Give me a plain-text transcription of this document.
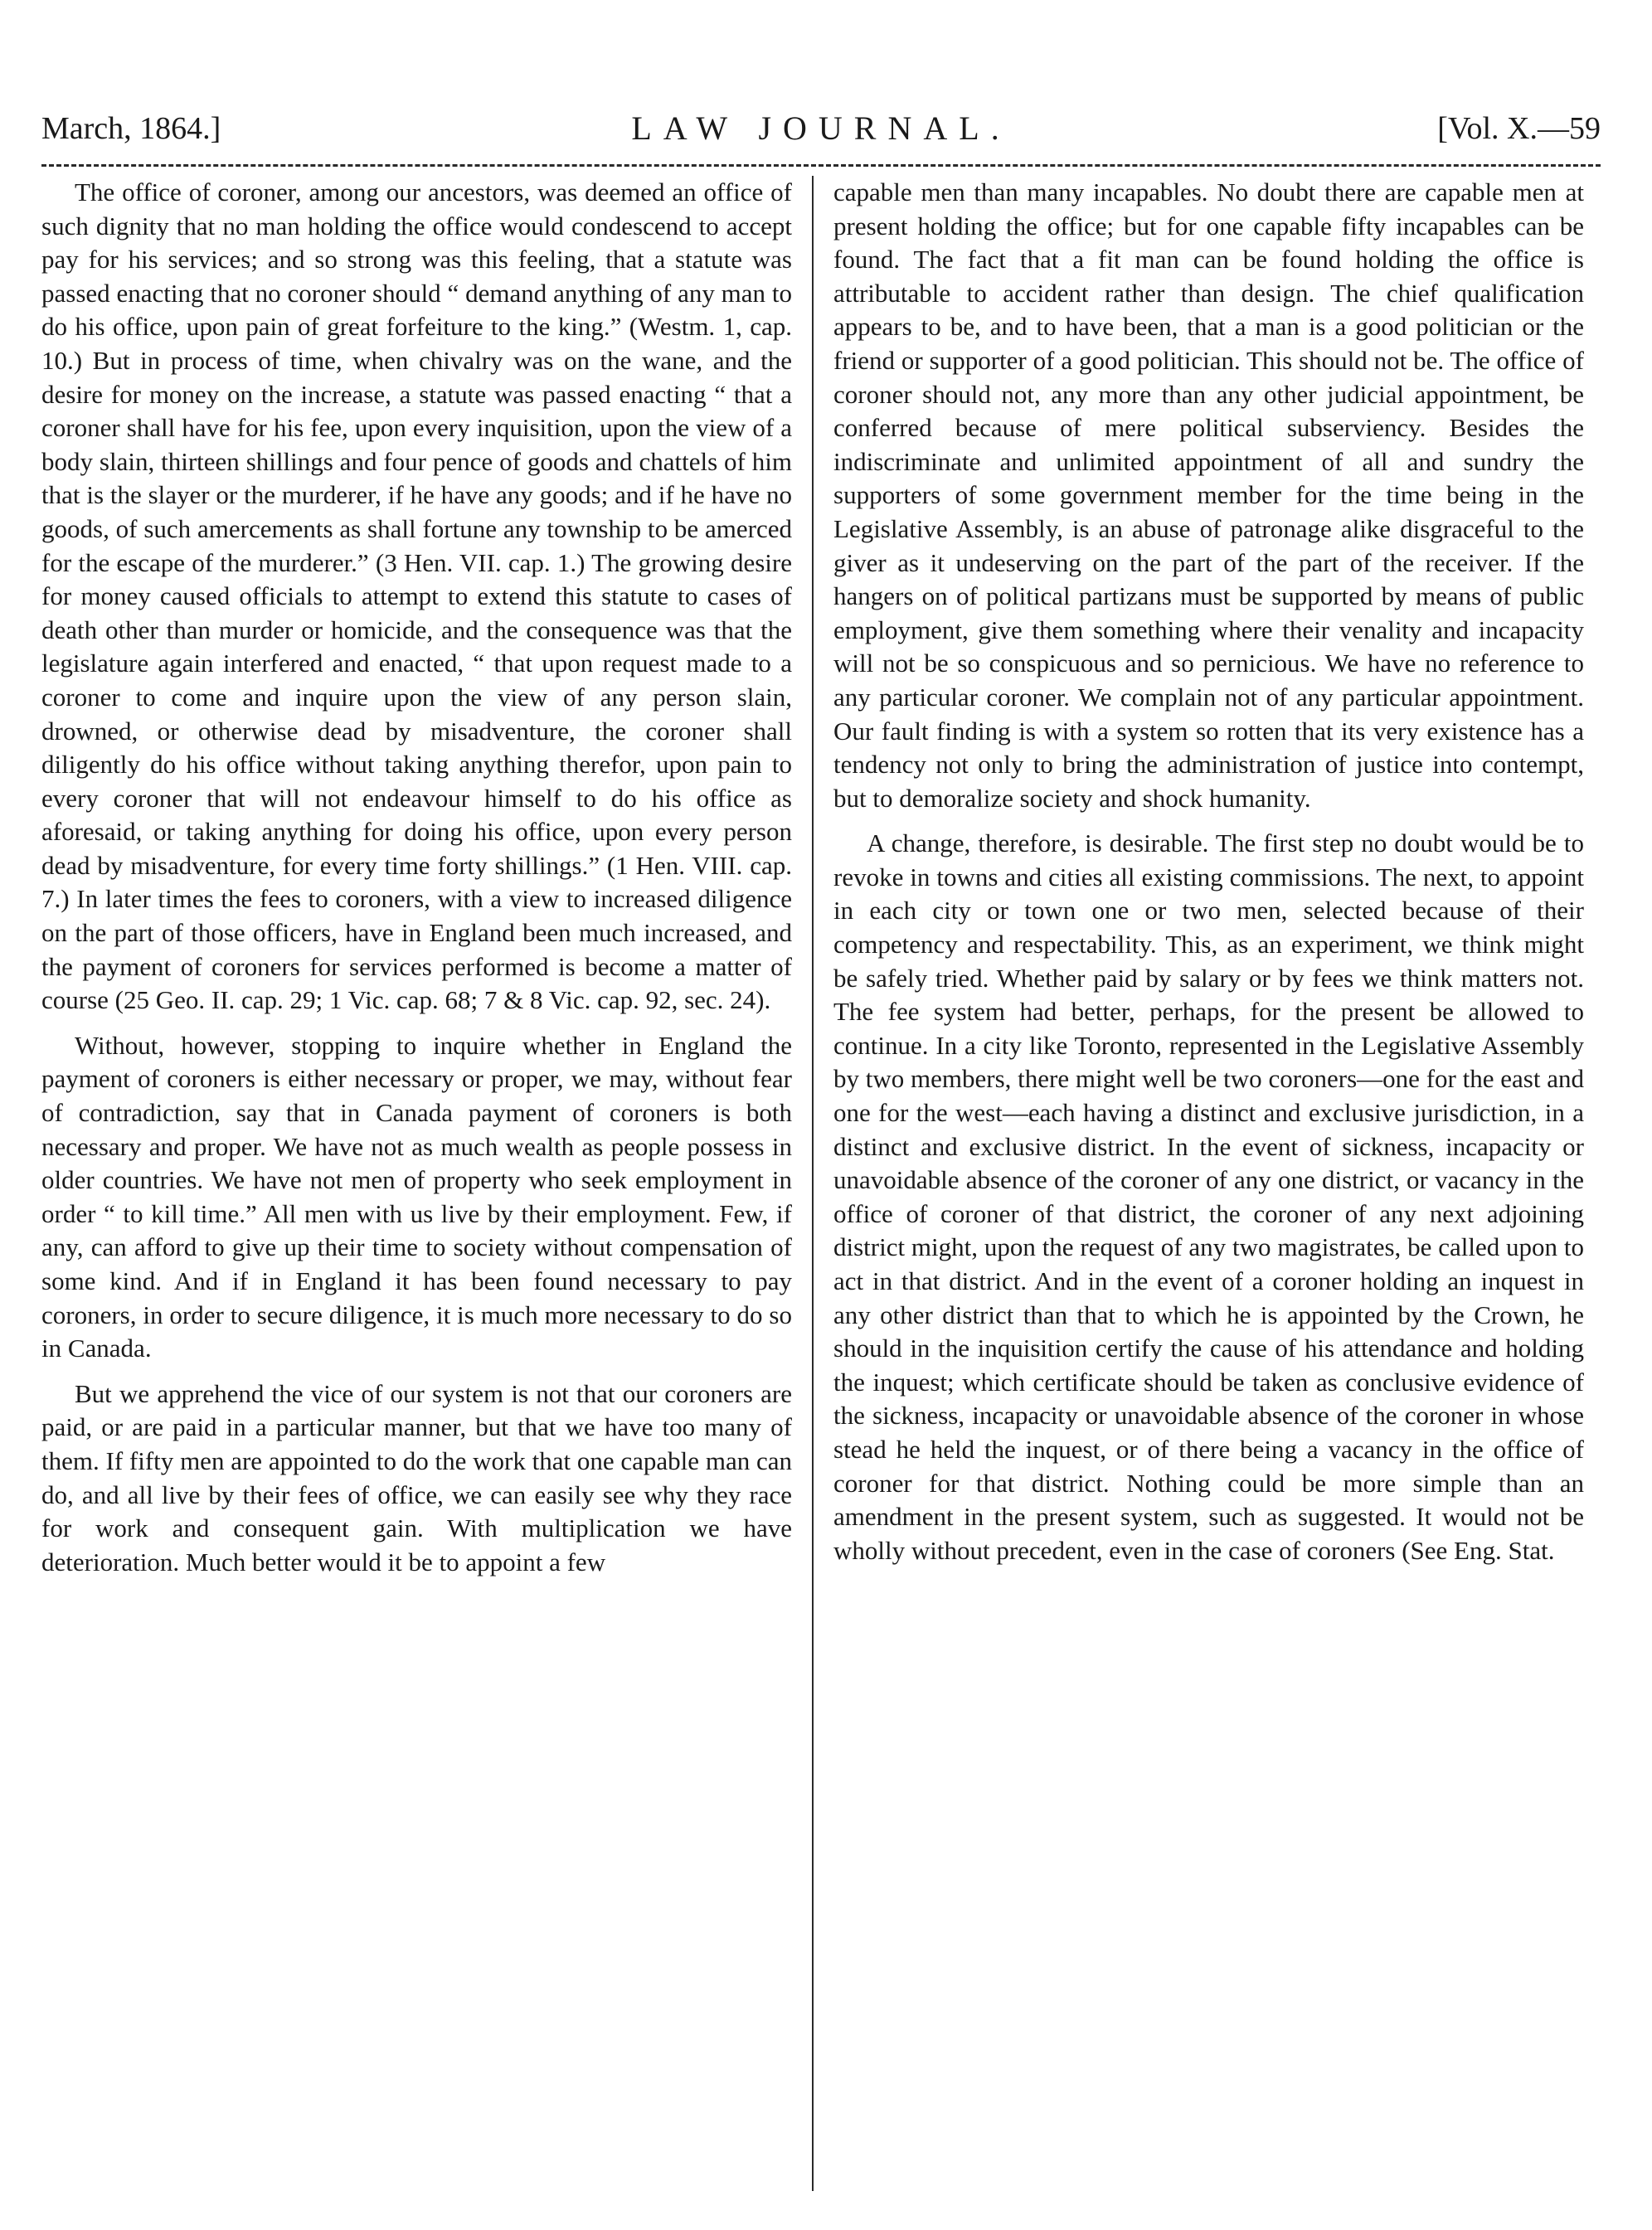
March, 1864.]	LAW JOURNAL.	[Vol. X.—59

The office of coroner, among our ancestors, was deemed an office of such dignity that no man holding the office would condescend to accept pay for his services; and so strong was this feeling, that a statute was passed enacting that no coroner should “ demand anything of any man to do his office, upon pain of great forfeiture to the king.” (Westm. 1, cap. 10.) But in process of time, when chivalry was on the wane, and the desire for money on the increase, a statute was passed enacting “ that a coroner shall have for his fee, upon every inquisition, upon the view of a body slain, thirteen shillings and four pence of goods and chattels of him that is the slayer or the murderer, if he have any goods; and if he have no goods, of such amercements as shall fortune any township to be amerced for the escape of the murderer.” (3 Hen. VII. cap. 1.) The growing desire for money caused officials to attempt to extend this statute to cases of death other than murder or homicide, and the consequence was that the legislature again interfered and enacted, “ that upon request made to a coroner to come and inquire upon the view of any person slain, drowned, or otherwise dead by misadventure, the coroner shall diligently do his office without taking anything therefor, upon pain to every coroner that will not endeavour himself to do his office as aforesaid, or taking anything for doing his office, upon every person dead by misadventure, for every time forty shillings.” (1 Hen. VIII. cap. 7.) In later times the fees to coroners, with a view to increased diligence on the part of those officers, have in England been much increased, and the payment of coroners for services performed is become a matter of course (25 Geo. II. cap. 29; 1 Vic. cap. 68; 7 & 8 Vic. cap. 92, sec. 24).

Without, however, stopping to inquire whether in England the payment of coroners is either necessary or proper, we may, without fear of contradiction, say that in Canada payment of coroners is both necessary and proper. We have not as much wealth as people possess in older countries. We have not men of property who seek employment in order “ to kill time.” All men with us live by their employment. Few, if any, can afford to give up their time to society without compensation of some kind. And if in England it has been found necessary to pay coroners, in order to secure diligence, it is much more necessary to do so in Canada.

But we apprehend the vice of our system is not that our coroners are paid, or are paid in a particular manner, but that we have too many of them. If fifty men are appointed to do the work that one capable man can do, and all live by their fees of office, we can easily see why they race for work and consequent gain. With multiplication we have deterioration. Much better would it be to appoint a few

capable men than many incapables. No doubt there are capable men at present holding the office; but for one capable fifty incapables can be found. The fact that a fit man can be found holding the office is attributable to accident rather than design. The chief qualification appears to be, and to have been, that a man is a good politician or the friend or supporter of a good politician. This should not be. The office of coroner should not, any more than any other judicial appointment, be conferred because of mere political subserviency. Besides the indiscriminate and unlimited appointment of all and sundry the supporters of some government member for the time being in the Legislative Assembly, is an abuse of patronage alike disgraceful to the giver as it undeserving on the part of the part of the receiver. If the hangers on of political partizans must be supported by means of public employment, give them something where their venality and incapacity will not be so conspicuous and so pernicious. We have no reference to any particular coroner. We complain not of any particular appointment. Our fault finding is with a system so rotten that its very existence has a tendency not only to bring the administration of justice into contempt, but to demoralize society and shock humanity.

A change, therefore, is desirable. The first step no doubt would be to revoke in towns and cities all existing commissions. The next, to appoint in each city or town one or two men, selected because of their competency and respectability. This, as an experiment, we think might be safely tried. Whether paid by salary or by fees we think matters not. The fee system had better, perhaps, for the present be allowed to continue. In a city like Toronto, represented in the Legislative Assembly by two members, there might well be two coroners—one for the east and one for the west—each having a distinct and exclusive jurisdiction, in a distinct and exclusive district. In the event of sickness, incapacity or unavoidable absence of the coroner of any one district, or vacancy in the office of coroner of that district, the coroner of any next adjoining district might, upon the request of any two magistrates, be called upon to act in that district. And in the event of a coroner holding an inquest in any other district than that to which he is appointed by the Crown, he should in the inquisition certify the cause of his attendance and holding the inquest; which certificate should be taken as conclusive evidence of the sickness, incapacity or unavoidable absence of the coroner in whose stead he held the inquest, or of there being a vacancy in the office of coroner for that district. Nothing could be more simple than an amendment in the present system, such as suggested. It would not be wholly without precedent, even in the case of coroners (See Eng. Stat.
